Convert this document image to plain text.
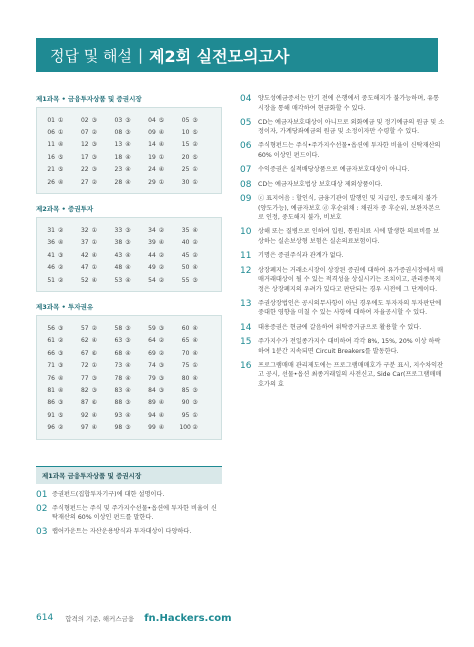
정답 및 해설 | 제2회 실전모의고사
제1과목 • 금융투자상품 및 증권시장
01 ①	02 ③	03 ③	04 ⑤	05 ③
06 ①	07 ②	08 ③	09 ④	10 ⑤
11 ④	12 ③	13 ④	14 ④	15 ②
16 ⑤	17 ③	18 ④	19 ①	20 ⑤
21 ⑤	22 ③	23 ④	24 ④	25 ①
26 ④	27 ②	28 ④	29 ①	30 ①
제2과목 • 증권투자
31 ②	32 ①	33 ③	34 ②	35 ④
36 ④	37 ①	38 ③	39 ④	40 ②
41 ③	42 ④	43 ④	44 ②	45 ②
46 ②	47 ①	48 ④	49 ②	50 ④
51 ②	52 ④	53 ④	54 ②	55 ③
제3과목 • 투자권유
56 ③	57 ②	58 ③	59 ③	60 ④
61 ②	62 ④	63 ③	64 ②	65 ④
66 ③	67 ⑥	68 ④	69 ②	70 ④
71 ③	72 ①	73 ④	74 ③	75 ①
76 ④	77 ③	78 ④	79 ③	80 ④
81 ④	82 ③	83 ④	84 ③	85 ③
86 ③	87 ⑥	88 ③	89 ④	90 ③
91 ⑤	92 ④	93 ④	94 ④	95 ①
96 ②	97 ④	98 ③	99 ④	100 ②
제1과목 금융투자상품 및 증권시장
01 증권펀드(집합투자기구)에 대한 설명이다.
02 주식형펀드는 주식 및 주가지수선물•옵션에 투자한 비율이 신탁재산의 60% 이상인 펀드를 말한다.
03 랩어카운트는 자산운용방식과 투자대상이 다양하다.
04	양도성예금증서는 만기 전에 은행에서 중도해지가 불가능하며, 유통시장을 통해 매각하여 현금화할 수 있다.
05	CD는 예금자보호대상이 아니므로 외화예금 및 정기예금의 원금 및 소정이자, 가계당좌예금의 원금 및 소정이자만 수령할 수 있다.
06	주식형펀드는 주식•주가지수선물•옵션에 투자한 비율이 신탁재산의 60% 이상인 펀드이다.
07	수익증권은 실적배당상품으로 예금자보호대상이 아니다.
08	CD는 예금자보호법상 보호대상 제외상품이다.
09	ⓒ 표지어음 : 할인식, 금융기관이 발행인 및 지급인, 중도해지 불가(양도가능), 예금자보호 ⓓ 후순위채 : 채권자 중 후순위, 보완자본으로 인정, 중도해지 불가, 비보호
10	상해 또는 질병으로 인하여 입원, 통원치료 시에 발생한 의료비를 보상하는 실손보상형 보험은 실손의료보험이다.
11	기명은 증권주식과 관계가 없다.
12	상장폐지는 거래소시장이 상장된 증권에 대하여 유가증권시장에서 매매거래대상이 될 수 있는 적격성을 상실시키는 조치이고, 관리종목지정은 상장폐지의 우려가 있다고 판단되는 경우 시전에 그 단계이다.
13	주권상장법인은 공시의무사항이 아닌 경우에도 투자자의 투자판단에 중대한 영향을 미칠 수 있는 사항에 대하여 자율공시할 수 있다.
14	대용증권은 현금에 갈음하여 위탁증거금으로 활용할 수 있다.
15	주가지수가 전일종가지수 대비하여 각각 8%, 15%, 20% 이상 하락하여 1분간 지속되면 Circuit Breakers를 발동한다.
16	프로그램매매 관리제도에는 프로그램매매호가 구분 표시, 지수차익잔고 공시, 선물•옵션 최종거래일의 사전신고, Side Car(프로그램매매호가의 효
614 합격의 기준, 해커스금융 fn.Hackers.com
